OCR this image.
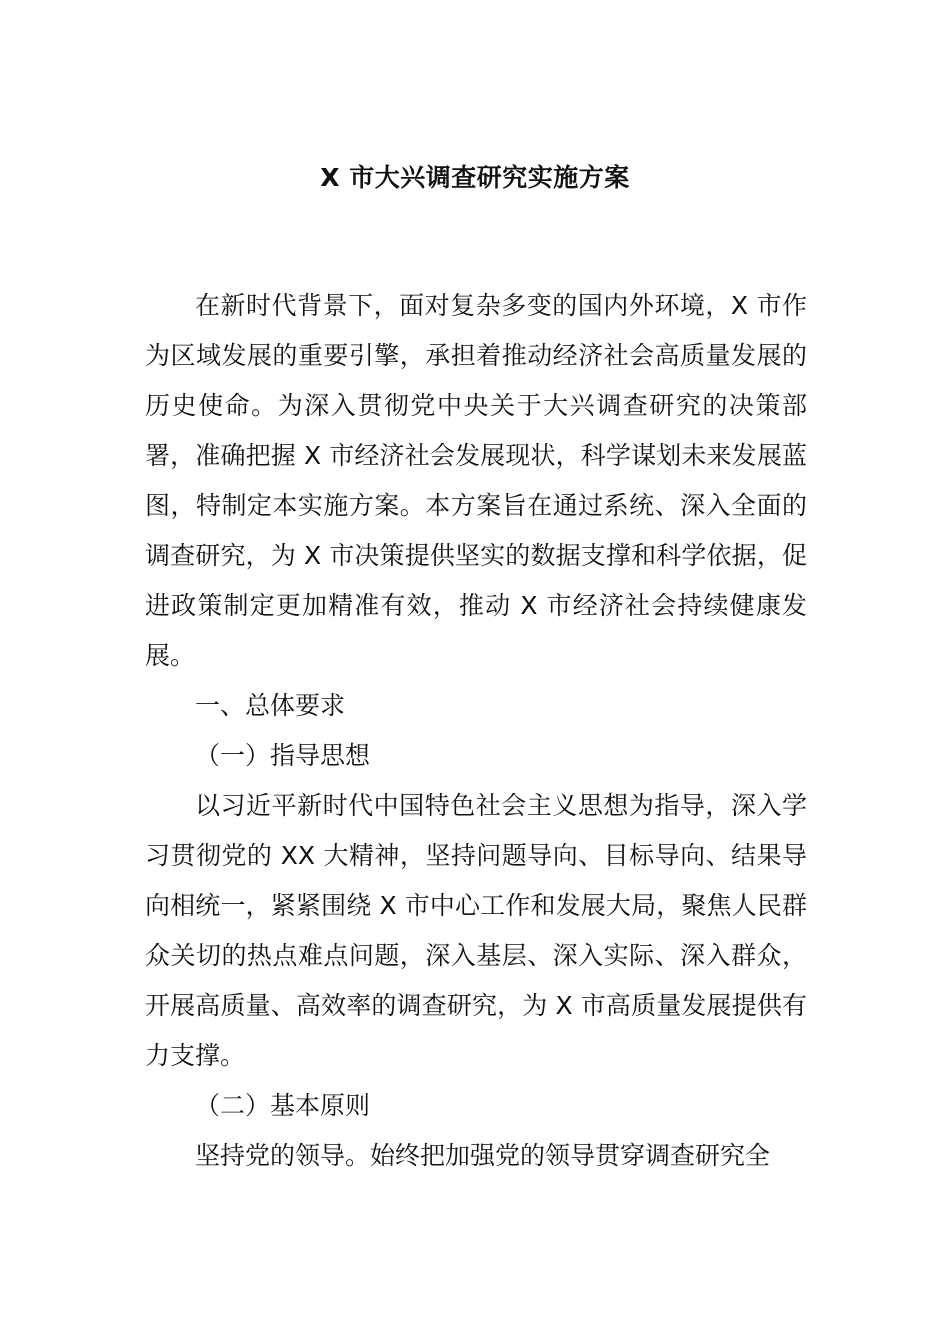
X 市大兴调查研究实施方案

在新时代背景下，面对复杂多变的国内外环境，X 市作为区域发展的重要引擎，承担着推动经济社会高质量发展的历史使命。为深入贯彻党中央关于大兴调查研究的决策部署，准确把握 X 市经济社会发展现状，科学谋划未来发展蓝图，特制定本实施方案。本方案旨在通过系统、深入全面的调查研究，为 X 市决策提供坚实的数据支撑和科学依据，促进政策制定更加精准有效，推动 X 市经济社会持续健康发展。

一、总体要求

（一）指导思想

以习近平新时代中国特色社会主义思想为指导，深入学习贯彻党的 XX 大精神，坚持问题导向、目标导向、结果导向相统一，紧紧围绕 X 市中心工作和发展大局，聚焦人民群众关切的热点难点问题，深入基层、深入实际、深入群众，开展高质量、高效率的调查研究，为 X 市高质量发展提供有力支撑。

（二）基本原则

坚持党的领导。始终把加强党的领导贯穿调查研究全
